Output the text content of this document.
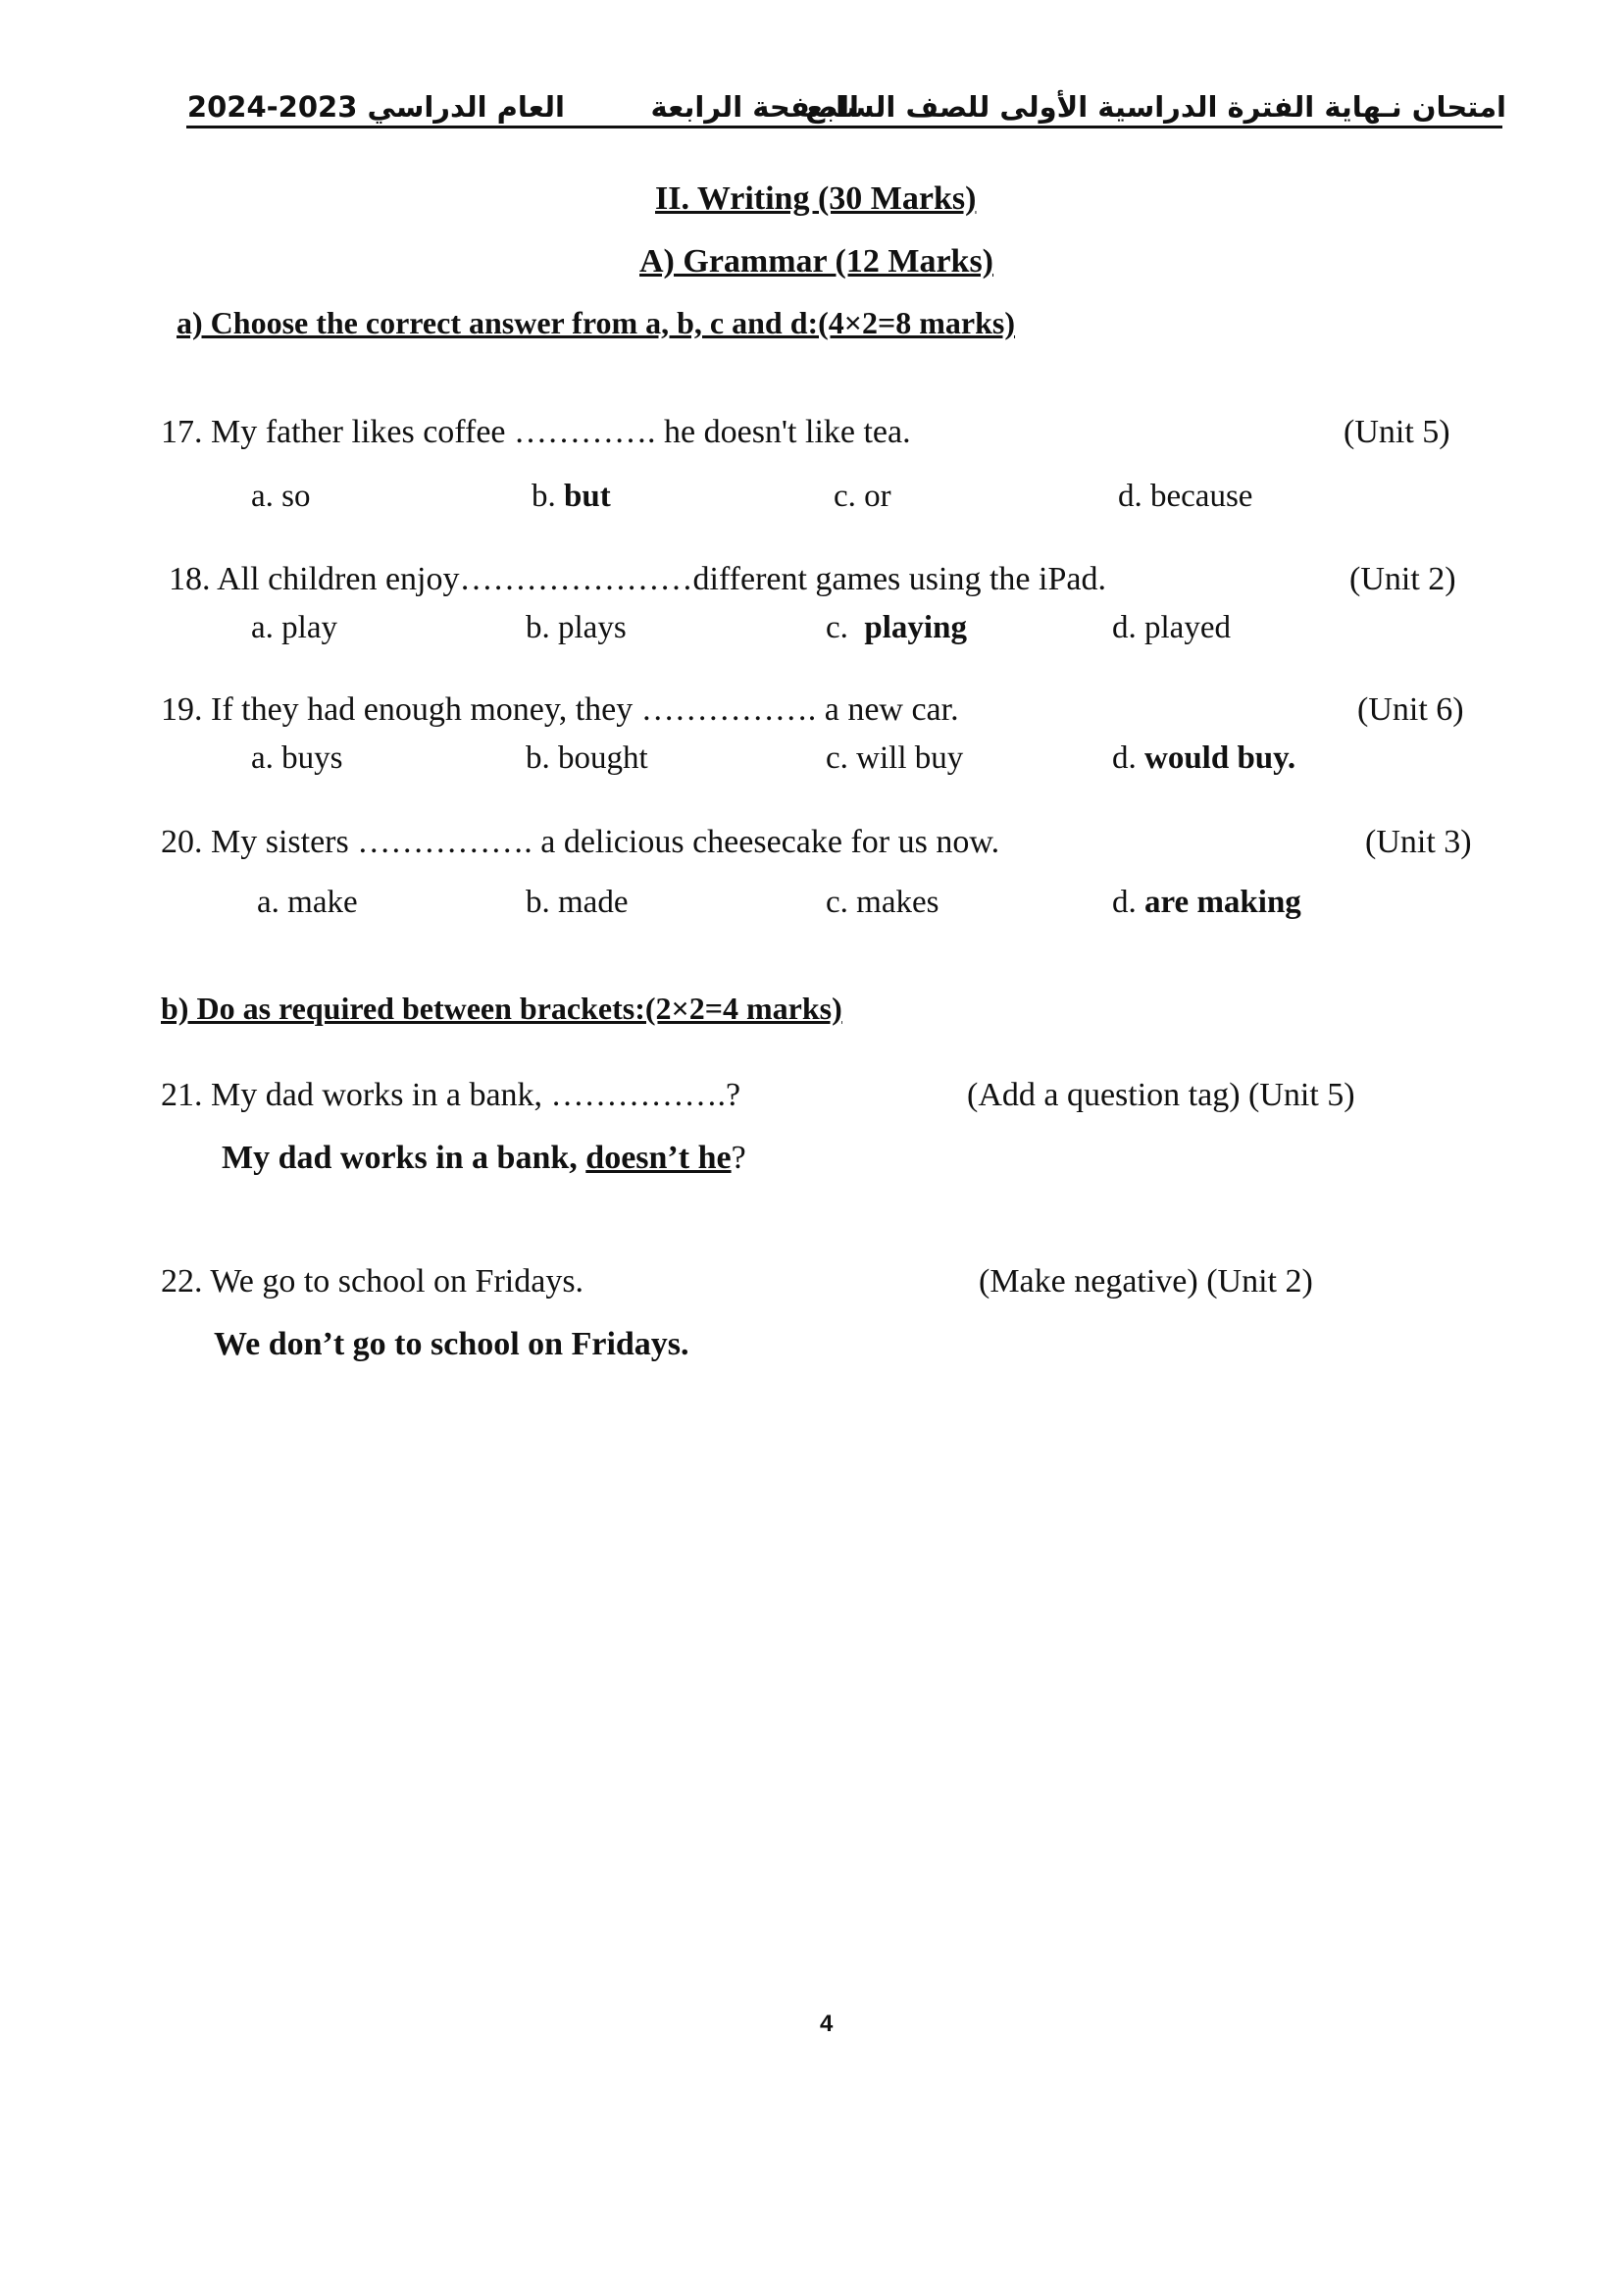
امتحان نـهاية الفترة الدراسية الأولى للصف السابع
الصفحة الرابعة
العام الدراسي 2024-2023
II. Writing (30 Marks)
A) Grammar (12 Marks)
a) Choose the correct answer from a, b, c and d:(4×2=8 marks)
17. My father likes coffee …………. he doesn't like tea.	(Unit 5)
a. so	b. but	c. or	d. because
18. All children enjoy…………………different games using the iPad.	(Unit 2)
a. play	b. plays	c. playing	d. played
19. If they had enough money, they ……………. a new car.	(Unit 6)
a. buys	b. bought	c. will buy	d. would buy.
20. My sisters ……………. a delicious cheesecake for us now.	(Unit 3)
a. make	b. made	c. makes	d. are making
b) Do as required between brackets:(2×2=4 marks)
21. My dad works in a bank, …………….?	(Add a question tag) (Unit 5)
My dad works in a bank, doesn’t he?
22. We go to school on Fridays.	(Make negative) (Unit 2)
We don’t go to school on Fridays.
4
